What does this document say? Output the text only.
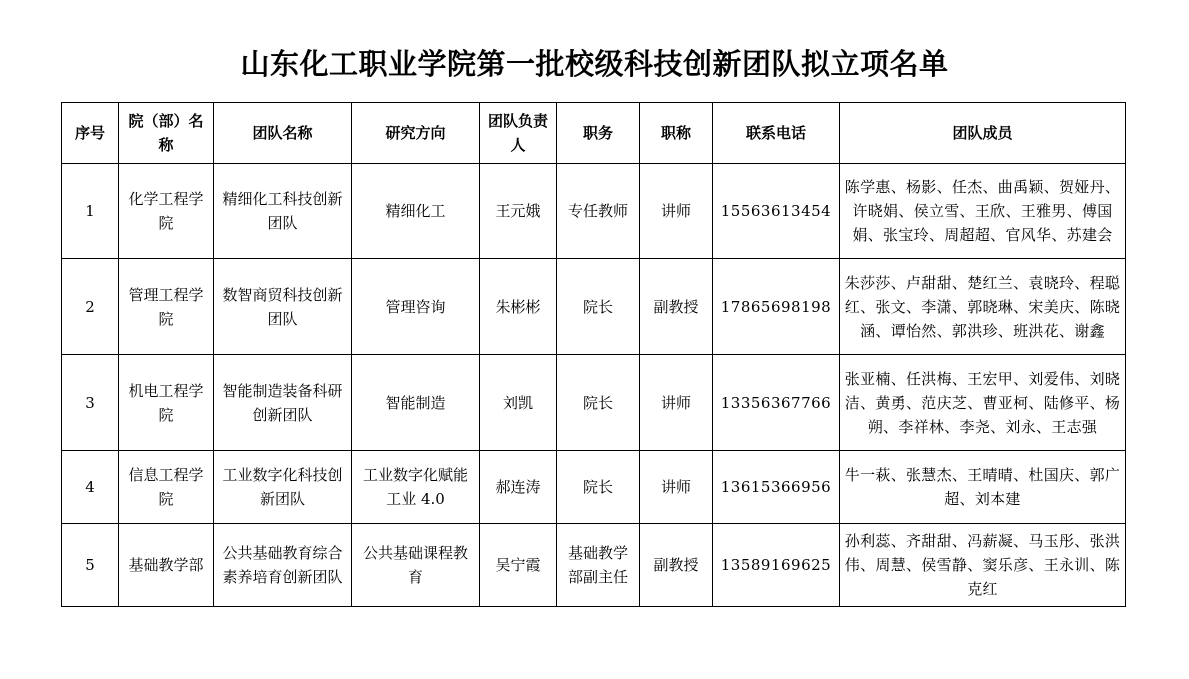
山东化工职业学院第一批校级科技创新团队拟立项名单
序号	院（部）名称	团队名称	研究方向	团队负责人	职务	职称	联系电话	团队成员
1	化学工程学院	精细化工科技创新团队	精细化工	王元娥	专任教师	讲师	15563613454	陈学惠、杨影、任杰、曲禹颖、贺娅丹、许晓娟、侯立雪、王欣、王雅男、傅国娟、张宝玲、周超超、官风华、苏建会
2	管理工程学院	数智商贸科技创新团队	管理咨询	朱彬彬	院长	副教授	17865698198	朱莎莎、卢甜甜、楚红兰、袁晓玲、程聪红、张文、李潇、郭晓琳、宋美庆、陈晓涵、谭怡然、郭洪珍、班洪花、谢鑫
3	机电工程学院	智能制造装备科研创新团队	智能制造	刘凯	院长	讲师	13356367766	张亚楠、任洪梅、王宏甲、刘爱伟、刘晓洁、黄勇、范庆芝、曹亚柯、陆修平、杨朔、李祥林、李尧、刘永、王志强
4	信息工程学院	工业数字化科技创新团队	工业数字化赋能工业 4.0	郝连涛	院长	讲师	13615366956	牛一萩、张慧杰、王晴晴、杜国庆、郭广超、刘本建
5	基础教学部	公共基础教育综合素养培育创新团队	公共基础课程教育	吴宁霞	基础教学部副主任	副教授	13589169625	孙利蕊、齐甜甜、冯薪凝、马玉彤、张洪伟、周慧、侯雪静、窦乐彦、王永训、陈克红
